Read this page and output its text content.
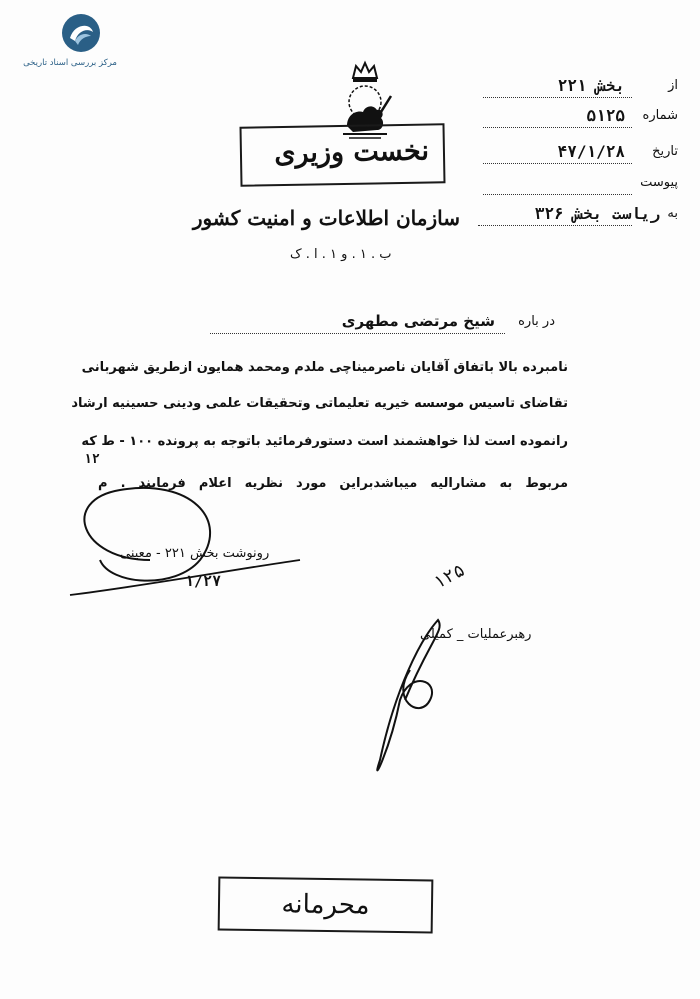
مرکز بررسی اسناد تاریخی
نخست وزیری
سازمان اطلاعات و امنیت کشور
ب . ۱ . و ۱ . ا . ک
از
بخش ۲۲۱
شماره
۵۱۲۵
تاریخ
۴۷/۱/۲۸
پیوست
به
ریاست بخش ۳۲۶
در باره
شیخ مرتضی مطهری
نامبرده بالا باتفاق آقایان ناصرمیناچی ملدم ومحمد همایون ازطریق شهربانی
تقاضای تاسیس موسسه خیریه تعلیماتی وتحقیقات علمی ودینی حسینیه ارشاد
رانموده است لذا خواهشمند است دستورفرمائید باتوجه به پرونده ۱۰۰ - ط که
۱۲
مربوط به مشارالیه میباشدبراین مورد نظریه اعلام فرمایند . م
رونوشت بخش ۲۲۱ - معینی
۱/۲۷	۱۲۵
رهبرعملیات _ کمیلی
محرمانه
